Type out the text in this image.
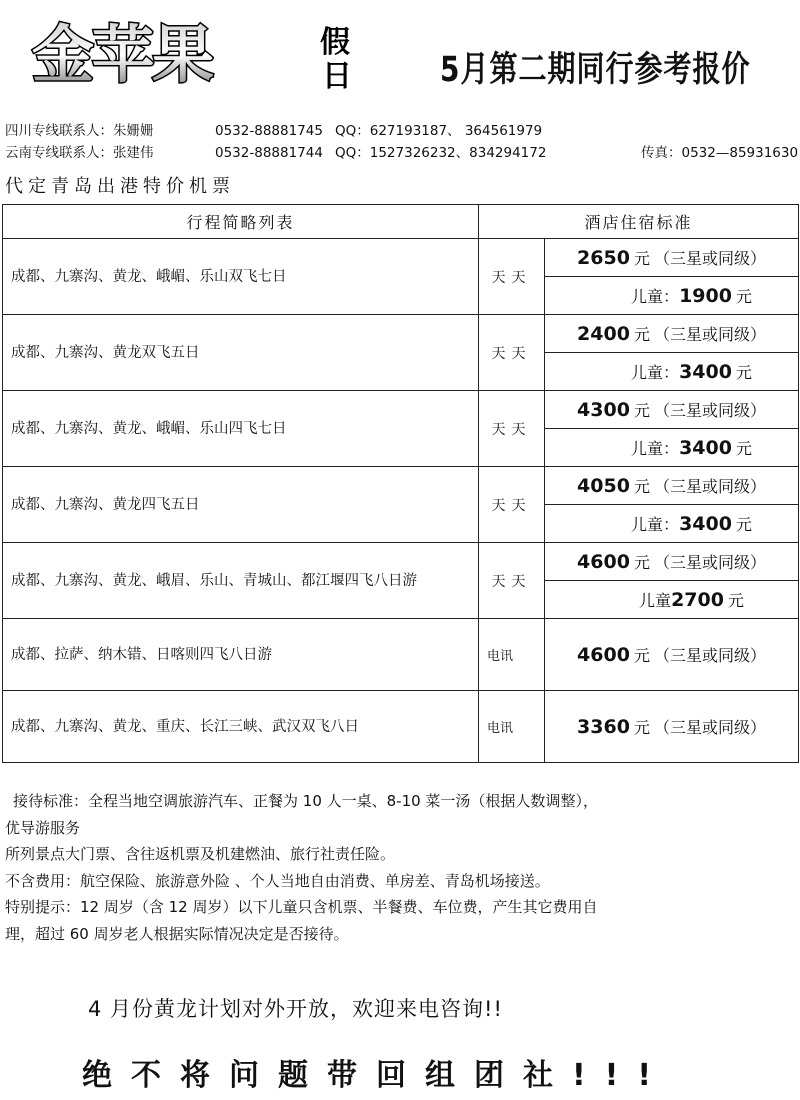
金苹果	假
日	5月第二期同行参考报价
四川专线联系人：朱姗姗	0532-88881745 QQ：627193187、 364561979
云南专线联系人：张建伟	0532-88881744 QQ：1527326232、834294172	传真：0532—85931630
代定青岛出港特价机票
行程简略列表	酒店住宿标准	
成都、九寨沟、黄龙、峨嵋、乐山双飞七日	天天	2650 元 （三星或同级）
		儿童：1900 元
成都、九寨沟、黄龙双飞五日	天天	2400 元 （三星或同级）
		儿童：3400 元
成都、九寨沟、黄龙、峨嵋、乐山四飞七日	天天	4300 元 （三星或同级）
		儿童：3400 元
成都、九寨沟、黄龙四飞五日	天天	4050 元 （三星或同级）
		儿童：3400 元
成都、九寨沟、黄龙、峨眉、乐山、青城山、都江堰四飞八日游	天天	4600 元 （三星或同级）
		儿童2700 元
成都、拉萨、纳木错、日喀则四飞八日游	电讯	4600 元 （三星或同级）
成都、九寨沟、黄龙、重庆、长江三峡、武汉双飞八日	电讯	3360 元 （三星或同级）

接待标准：全程当地空调旅游汽车、正餐为 10 人一桌、8-10 菜一汤（根据人数调整），

优导游服务

所列景点大门票、含往返机票及机建燃油、旅行社责任险。

不含费用：航空保险、旅游意外险 、个人当地自由消费、单房差、青岛机场接送。

特别提示：12 周岁（含 12 周岁）以下儿童只含机票、半餐费、车位费，产生其它费用自

理，超过 60 周岁老人根据实际情况决定是否接待。

4 月份黄龙计划对外开放，欢迎来电咨询!!
绝不将问题带回组团社!!!
